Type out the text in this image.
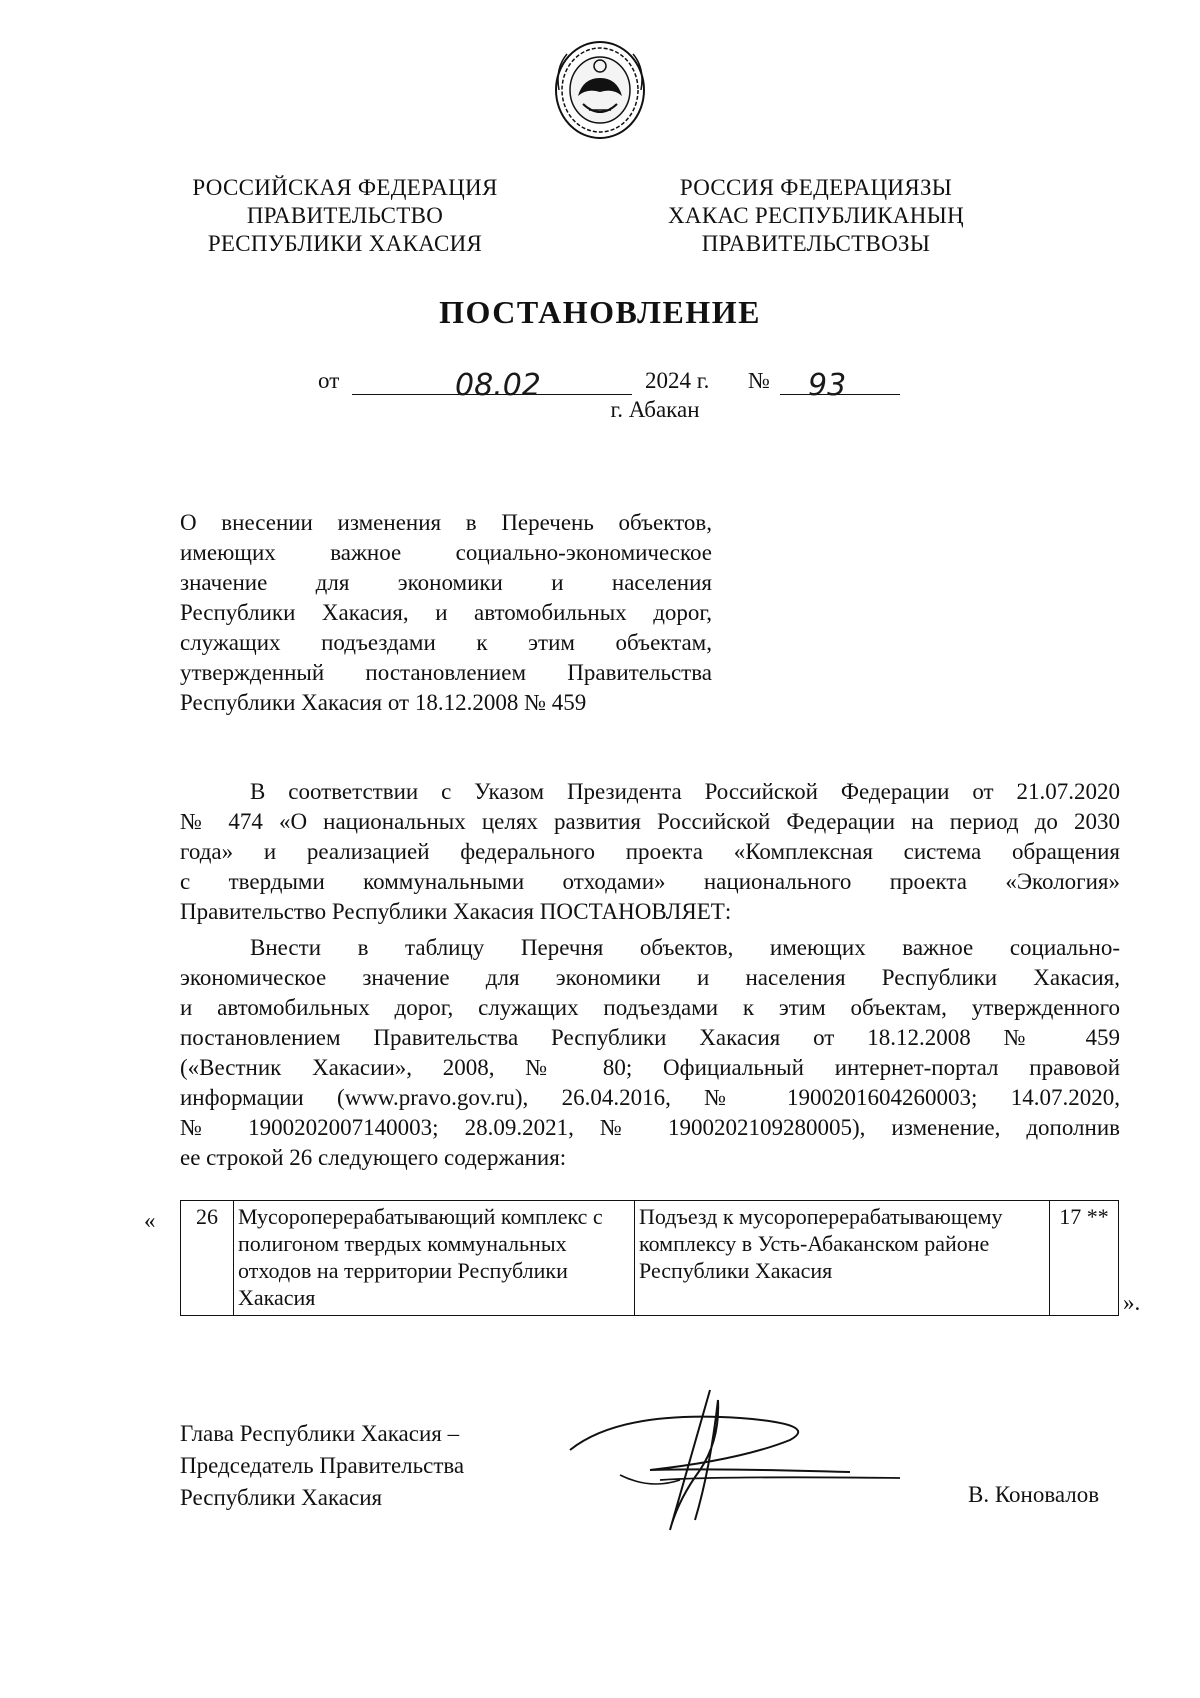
РОССИЙСКАЯ ФЕДЕРАЦИЯ
ПРАВИТЕЛЬСТВО
РЕСПУБЛИКИ ХАКАСИЯ
РОССИЯ ФЕДЕРАЦИЯЗЫ
ХАКАС РЕСПУБЛИКАНЫҢ
ПРАВИТЕЛЬСТВОЗЫ
ПОСТАНОВЛЕНИЕ
от	08.02	2024 г. № 93
г. Абакан
О внесении изменения в Перечень объектов,
имеющих важное социально-экономическое
значение для экономики и населения
Республики Хакасия, и автомобильных дорог,
служащих подъездами к этим объектам,
утвержденный постановлением Правительства
Республики Хакасия от 18.12.2008 № 459
В соответствии с Указом Президента Российской Федерации от 21.07.2020
№ 474 «О национальных целях развития Российской Федерации на период до 2030
года» и реализацией федерального проекта «Комплексная система обращения
с твердыми коммунальными отходами» национального проекта «Экология»
Правительство Республики Хакасия ПОСТАНОВЛЯЕТ:
Внести в таблицу Перечня объектов, имеющих важное социально-
экономическое значение для экономики и населения Республики Хакасия,
и автомобильных дорог, служащих подъездами к этим объектам, утвержденного
постановлением Правительства Республики Хакасия от 18.12.2008 № 459
(«Вестник Хакасии», 2008, № 80; Официальный интернет-портал правовой
информации (www.pravo.gov.ru), 26.04.2016, № 1900201604260003; 14.07.2020,
№ 1900202007140003; 28.09.2021, № 1900202109280005), изменение, дополнив
ее строкой 26 следующего содержания:
« 26	Мусороперерабатывающий комплекс с полигоном твердых коммунальных отходов на территории Республики Хакасия	Подъезд к мусороперерабатывающему комплексу в Усть-Абаканском районе Республики Хакасия	17 **
».
Глава Республики Хакасия –
Председатель Правительства
Республики Хакасия	В. Коновалов
